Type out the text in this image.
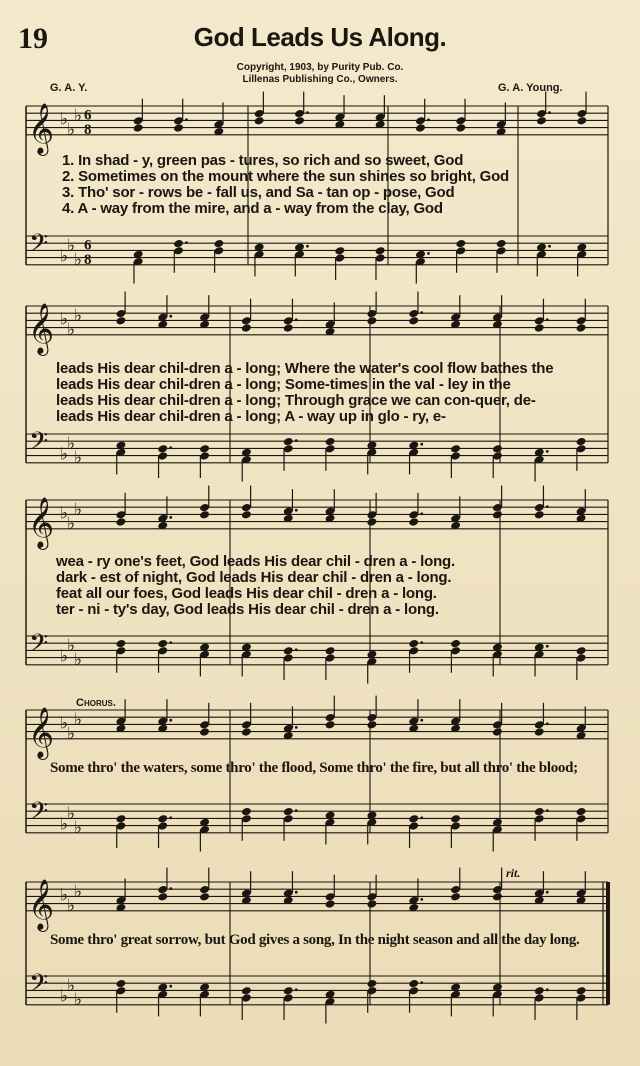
19	God Leads Us Along.
Copyright, 1903, by Purity Pub. Co.
Lillenas Publishing Co., Owners.
G. A. Y.	G. A. Young.
Chorus.
rit.
𝄞 ♭
♭
♭ 6
8
𝄢 ♭
♭
♭
6
8
1. In shad - y, green pas - tures, so rich and so sweet, God
2. Sometimes on the mount where the sun shines so bright, God
3. Tho' sor - rows be - fall us, and Sa - tan op - pose, God
4. A - way from the mire, and a - way from the clay, God
𝄞 ♭
♭
♭
𝄢 ♭
♭
♭
leads His dear chil-dren a - long; Where the water's cool flow bathes the
leads His dear chil-dren a - long; Some-times in the val - ley in the
leads His dear chil-dren a - long; Through grace we can con-quer, de-
leads His dear chil-dren a - long; A - way up in glo - ry, e-
𝄞 ♭
♭
♭
𝄢 ♭
♭
♭
wea - ry one's feet, God leads His dear chil - dren a - long.
dark - est of night, God leads His dear chil - dren a - long.
feat all our foes, God leads His dear chil - dren a - long.
ter - ni - ty's day, God leads His dear chil - dren a - long.
𝄞 ♭
♭
♭
𝄢 ♭
♭
♭
Some thro' the waters, some thro' the flood, Some thro' the fire, but all thro' the blood;
𝄞 ♭
♭
♭
𝄢 ♭
♭
♭
Some thro' great sorrow, but God gives a song, In the night season and all the day long.
